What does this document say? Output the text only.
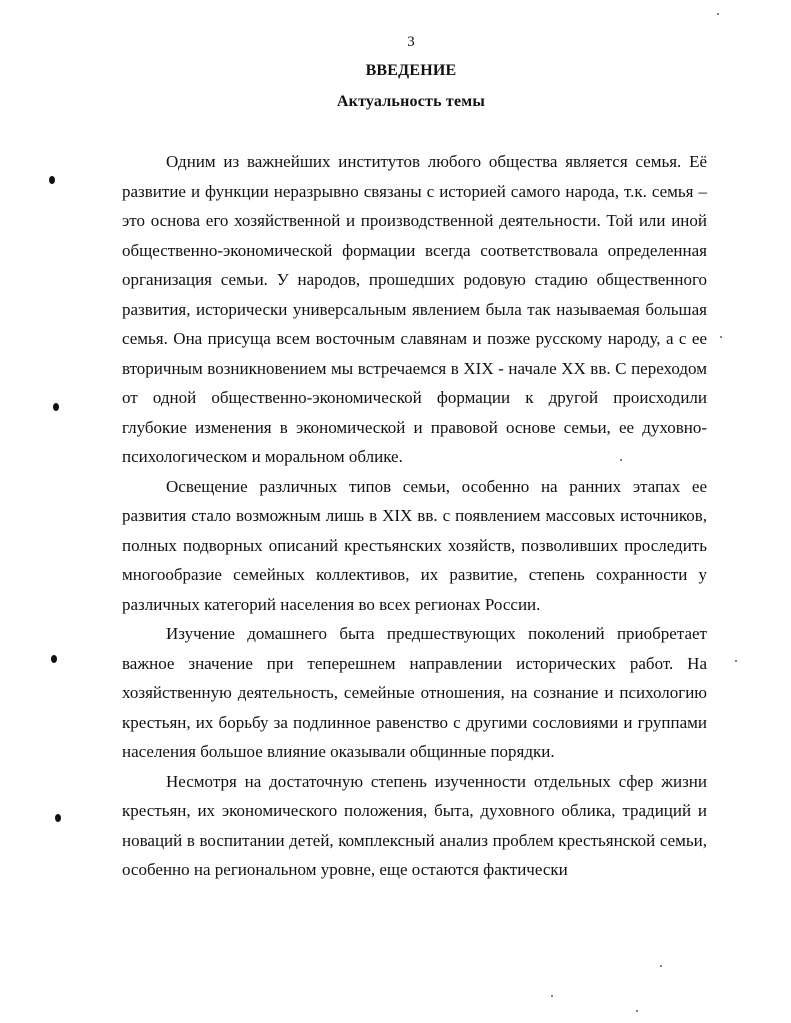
3
ВВЕДЕНИЕ
Актуальность темы

Одним из важнейших институтов любого общества является семья. Её развитие и функции неразрывно связаны с историей самого народа, т.к. семья – это основа его хозяйственной и производственной деятельности. Той или иной общественно-экономической формации всегда соответствовала определенная организация семьи. У народов, прошедших родовую стадию общественного развития, исторически универсальным явлением была так называемая большая семья. Она присуща всем восточным славянам и позже русскому народу, а с ее вторичным возникновением мы встречаемся в XIX - начале XX вв. С переходом от одной общественно-экономической формации к другой происходили глубокие изменения в экономической и правовой основе семьи, ее духовно-психологическом и моральном облике.

Освещение различных типов семьи, особенно на ранних этапах ее развития стало возможным лишь в XIX вв. с появлением массовых источников, полных подворных описаний крестьянских хозяйств, позволивших проследить многообразие семейных коллективов, их развитие, степень сохранности у различных категорий населения во всех регионах России.

Изучение домашнего быта предшествующих поколений приобретает важное значение при теперешнем направлении исторических работ. На хозяйственную деятельность, семейные отношения, на сознание и психологию крестьян, их борьбу за подлинное равенство с другими сословиями и группами населения большое влияние оказывали общинные порядки.

Несмотря на достаточную степень изученности отдельных сфер жизни крестьян, их экономического положения, быта, духовного облика, традиций и новаций в воспитании детей, комплексный анализ проблем крестьянской семьи, особенно на региональном уровне, еще остаются фактически
